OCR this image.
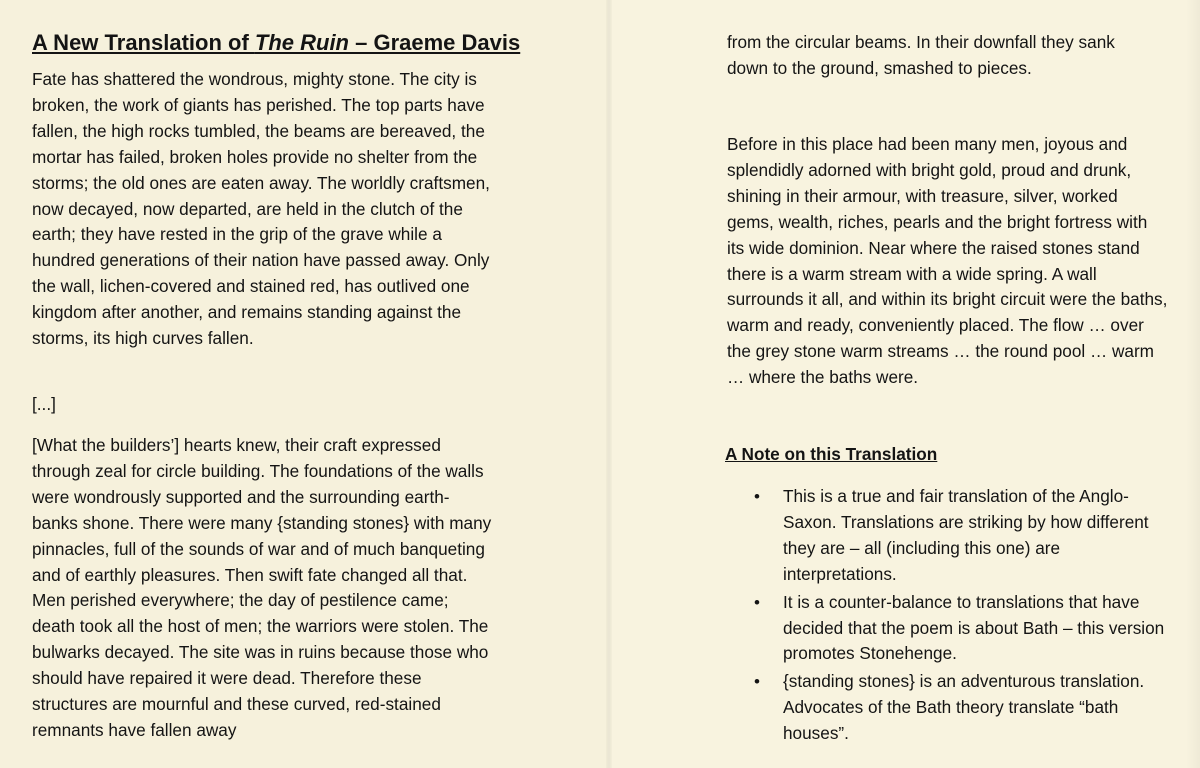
A New Translation of The Ruin – Graeme Davis

Fate has shattered the wondrous, mighty stone. The city is broken, the work of giants has perished. The top parts have fallen, the high rocks tumbled, the beams are bereaved, the mortar has failed, broken holes provide no shelter from the storms; the old ones are eaten away. The worldly craftsmen, now decayed, now departed, are held in the clutch of the earth; they have rested in the grip of the grave while a hundred generations of their nation have passed away. Only the wall, lichen-covered and stained red, has outlived one kingdom after another, and remains standing against the storms, its high curves fallen.

[...]

[What the builders’] hearts knew, their craft expressed through zeal for circle building. The foundations of the walls were wondrously supported and the surrounding earth-banks shone. There were many {standing stones} with many pinnacles, full of the sounds of war and of much banqueting and of earthly pleasures. Then swift fate changed all that. Men perished everywhere; the day of pestilence came; death took all the host of men; the warriors were stolen. The bulwarks decayed. The site was in ruins because those who should have repaired it were dead. Therefore these structures are mournful and these curved, red-stained remnants have fallen away

from the circular beams. In their downfall they sank down to the ground, smashed to pieces.

Before in this place had been many men, joyous and splendidly adorned with bright gold, proud and drunk, shining in their armour, with treasure, silver, worked gems, wealth, riches, pearls and the bright fortress with its wide dominion. Near where the raised stones stand there is a warm stream with a wide spring. A wall surrounds it all, and within its bright circuit were the baths, warm and ready, conveniently placed. The flow … over the grey stone warm streams … the round pool … warm … where the baths were.

A Note on this Translation
• This is a true and fair translation of the Anglo-Saxon. Translations are striking by how different they are – all (including this one) are interpretations.
• It is a counter-balance to translations that have decided that the poem is about Bath – this version promotes Stonehenge.
• {standing stones} is an adventurous translation. Advocates of the Bath theory translate “bath houses”.
